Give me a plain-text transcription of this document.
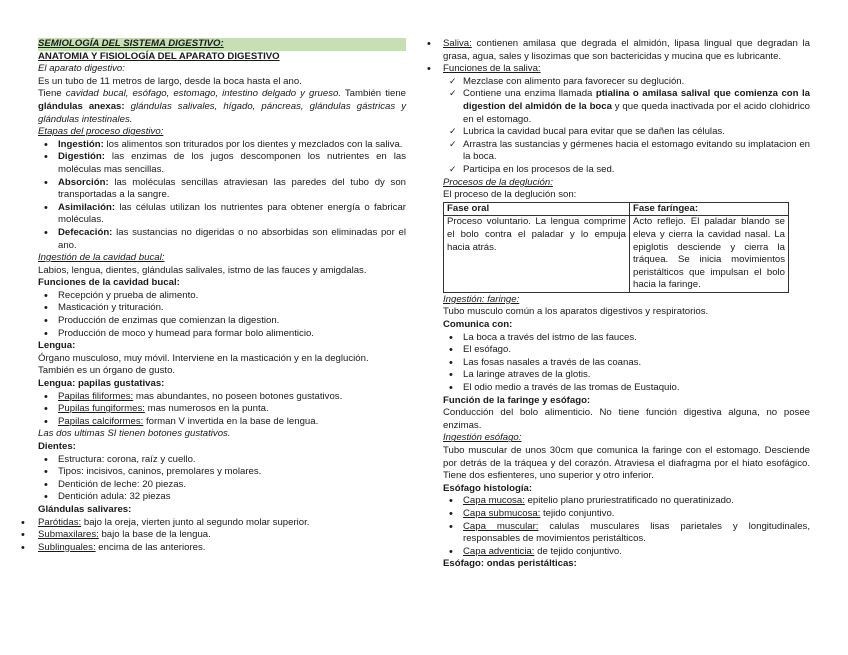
SEMIOLOGÍA DEL SISTEMA DIGESTIVO:

ANATOMIA Y FISIOLOGÍA DEL APARATO DIGESTIVO

El aparato digestivo:

Es un tubo de 11 metros de largo, desde la boca hasta el ano.

Tiene cavidad bucal, esófago, estomago, intestino delgado y grueso. También tiene glándulas anexas: glándulas salivales, hígado, páncreas, glándulas gástricas y glándulas intestinales.

Etapas del proceso digestivo:

• Ingestión: los alimentos son triturados por los dientes y mezclados con la saliva.
• Digestión: las enzimas de los jugos descomponen los nutrientes en las moléculas mas sencillas.
• Absorción: las moléculas sencillas atraviesan las paredes del tubo dy son transportadas a la sangre.
• Asimilación: las células utilizan los nutrientes para obtener energía o fabricar moléculas.
• Defecación: las sustancias no digeridas o no absorbidas son eliminadas por el ano.

Ingestión de la cavidad bucal:

Labios, lengua, dientes, glándulas salivales, istmo de las fauces y amigdalas.

Funciones de la cavidad bucal:

• Recepción y prueba de alimento.
• Masticación y trituración.
• Producción de enzimas que comienzan la digestion.
• Producción de moco y humead para formar bolo alimenticio.

Lengua:

Órgano musculoso, muy móvil. Interviene en la masticación y en la deglución. También es un órgano de gusto.

Lengua: papilas gustativas:

• Papilas filiformes: mas abundantes, no poseen botones gustativos.
• Pupilas fungiformes: mas numerosos en la punta.
• Papilas calciformes: forman V invertida en la base de lengua.

Las dos ultimas SI tienen botones gustativos.

Dientes:

• Estructura: corona, raíz y cuello.
• Tipos: incisivos, caninos, premolares y molares.
• Dentición de leche: 20 piezas.
• Dentición adula: 32 piezas

Glándulas salivares:

• Parótidas: bajo la oreja, vierten junto al segundo molar superior.
• Submaxilares: bajo la base de la lengua.
• Sublinguales: encima de las anteriores.
• Saliva: contienen amilasa que degrada el almidón, lipasa lingual que degradan la grasa, agua, sales y lisozimas que son bactericidas y mucina que es lubricante.
• Funciones de la saliva:
✓ Mezclase con alimento para favorecer su deglución.
✓ Contiene una enzima llamada ptialina o amilasa salival que comienza con la digestion del almidón de la boca y que queda inactivada por el acido clohidrico en el estomago.
✓ Lubrica la cavidad bucal para evitar que se dañen las células.
✓ Arrastra las sustancias y gérmenes hacia el estomago evitando su implatacion en la boca.
✓ Participa en los procesos de la sed.

Procesos de la deglución:

El proceso de la deglución son:

Fase oral	Fase faríngea:
Proceso voluntario. La lengua comprime el bolo contra el paladar y lo empuja hacia atrás.	Acto reflejo. El paladar blando se eleva y cierra la cavidad nasal. La epiglotis desciende y cierra la tráquea. Se inicia movimientos peristálticos que impulsan el bolo hacia la faringe.

Ingestión: faringe:

Tubo musculo común a los aparatos digestivos y respiratorios.

Comunica con:

• La boca a través del istmo de las fauces.
• El esófago.
• Las fosas nasales a través de las coanas.
• La laringe atraves de la glotis.
• El odio medio a través de las tromas de Eustaquio.

Función de la faringe y esófago:

Conducción del bolo alimenticio. No tiene función digestiva alguna, no posee enzimas.

Ingestión esófago:

Tubo muscular de unos 30cm que comunica la faringe con el estomago. Desciende por detrás de la tráquea y del corazón. Atraviesa el diafragma por el hiato esofágico. Tiene dos esfienteres, uno superior y otro inferior.

Esófago histología:

• Capa mucosa: epitelio plano pruriestratificado no queratinizado.
• Capa submucosa: tejido conjuntivo.
• Capa muscular: calulas musculares lisas parietales y longitudinales, responsables de movimientos peristálticos.
• Capa adventicia: de tejido conjuntivo.

Esófago: ondas peristálticas:
